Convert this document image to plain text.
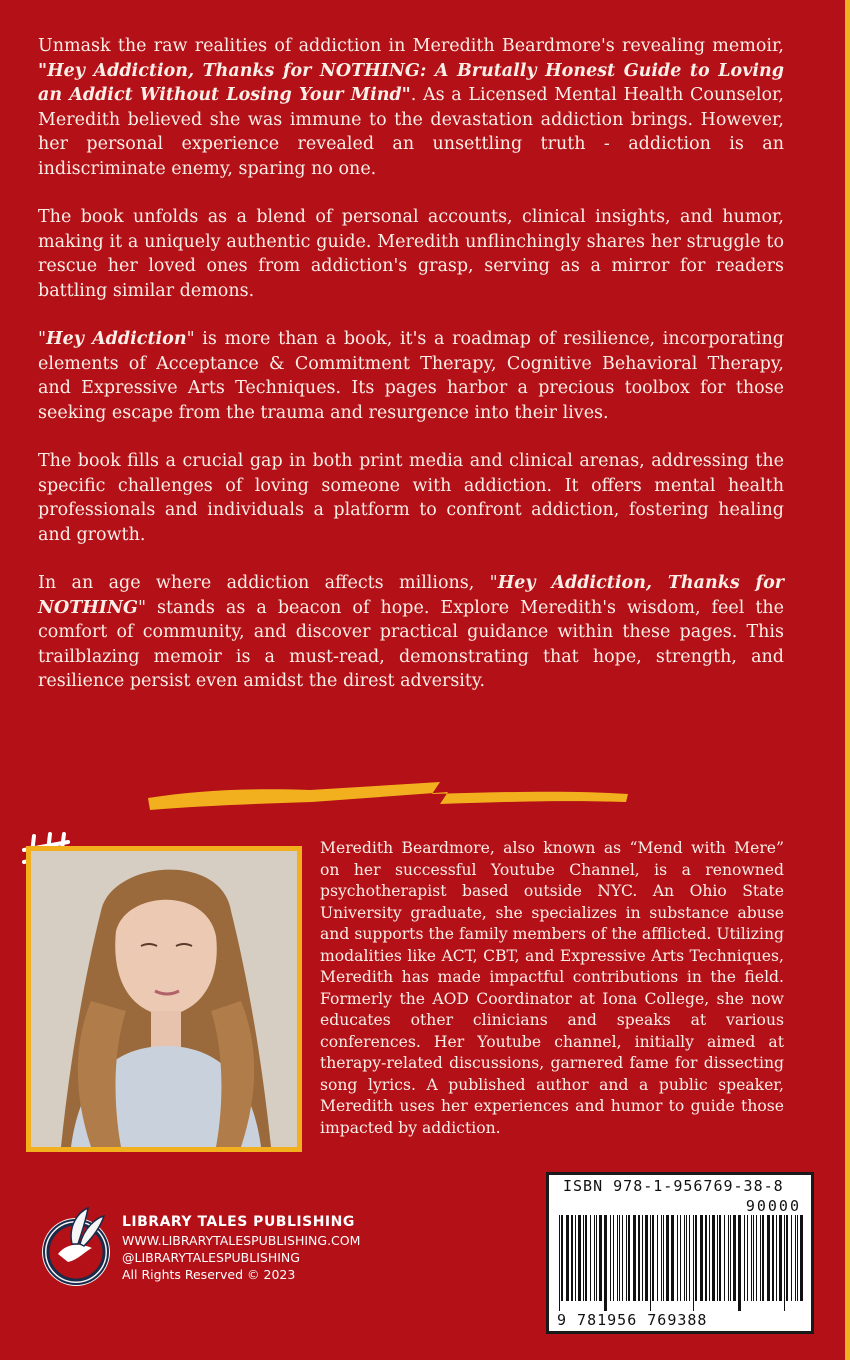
Unmask the raw realities of addiction in Meredith Beardmore's revealing memoir, "Hey Addiction, Thanks for NOTHING: A Brutally Honest Guide to Loving an Addict Without Losing Your Mind". As a Licensed Mental Health Counselor, Meredith believed she was immune to the devastation addiction brings. However, her personal experience revealed an unsettling truth - addiction is an indiscriminate enemy, sparing no one.

The book unfolds as a blend of personal accounts, clinical insights, and humor, making it a uniquely authentic guide. Meredith unflinchingly shares her struggle to rescue her loved ones from addiction's grasp, serving as a mirror for readers battling similar demons.

"Hey Addiction" is more than a book, it's a roadmap of resilience, incorporating elements of Acceptance & Commitment Therapy, Cognitive Behavioral Therapy, and Expressive Arts Techniques. Its pages harbor a precious toolbox for those seeking escape from the trauma and resurgence into their lives.

The book fills a crucial gap in both print media and clinical arenas, addressing the specific challenges of loving someone with addiction. It offers mental health professionals and individuals a platform to confront addiction, fostering healing and growth.

In an age where addiction affects millions, "Hey Addiction, Thanks for NOTHING" stands as a beacon of hope. Explore Meredith's wisdom, feel the comfort of community, and discover practical guidance within these pages. This trailblazing memoir is a must-read, demonstrating that hope, strength, and resilience persist even amidst the direst adversity.

Meredith Beardmore, also known as “Mend with Mere” on her successful Youtube Channel, is a renowned psychotherapist based outside NYC. An Ohio State University graduate, she specializes in substance abuse and supports the family members of the afflicted. Utilizing modalities like ACT, CBT, and Expressive Arts Techniques, Meredith has made impactful contributions in the field. Formerly the AOD Coordinator at Iona College, she now educates other clinicians and speaks at various conferences. Her Youtube channel, initially aimed at therapy-related discussions, garnered fame for dissecting song lyrics. A published author and a public speaker, Meredith uses her experiences and humor to guide those impacted by addiction.
ISBN 978-1-956769-38-8
90000
9 781956 769388
LIBRARY TALES PUBLISHING
WWW.LIBRARYTALESPUBLISHING.COM
@LIBRARYTALESPUBLISHING
All Rights Reserved © 2023
